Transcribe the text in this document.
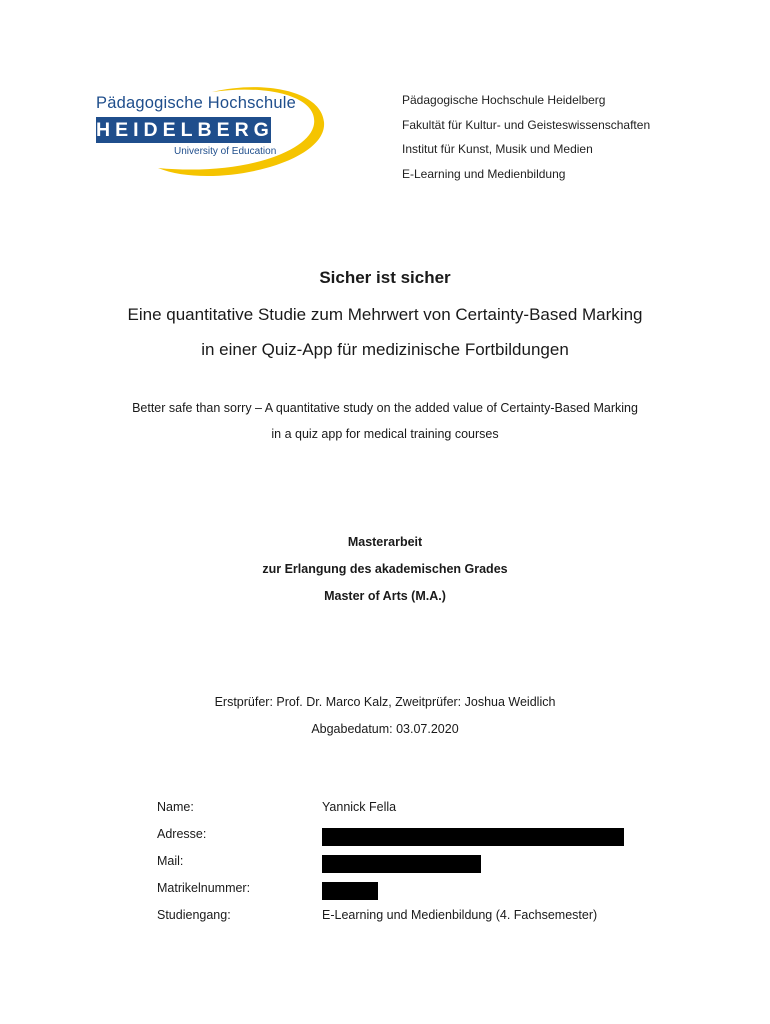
Pädagogische Hochschule
HEIDELBERG
University of Education
Pädagogische Hochschule Heidelberg
Fakultät für Kultur- und Geisteswissenschaften
Institut für Kunst, Musik und Medien
E-Learning und Medienbildung
Sicher ist sicher
Eine quantitative Studie zum Mehrwert von Certainty-Based Marking
in einer Quiz-App für medizinische Fortbildungen
Better safe than sorry – A quantitative study on the added value of Certainty-Based Marking
in a quiz app for medical training courses
Masterarbeit
zur Erlangung des akademischen Grades
Master of Arts (M.A.)
Erstprüfer: Prof. Dr. Marco Kalz, Zweitprüfer: Joshua Weidlich
Abgabedatum: 03.07.2020
Name:	Yannick Fella
Adresse:
Mail:
Matrikelnummer:
Studiengang:	E-Learning und Medienbildung (4. Fachsemester)
